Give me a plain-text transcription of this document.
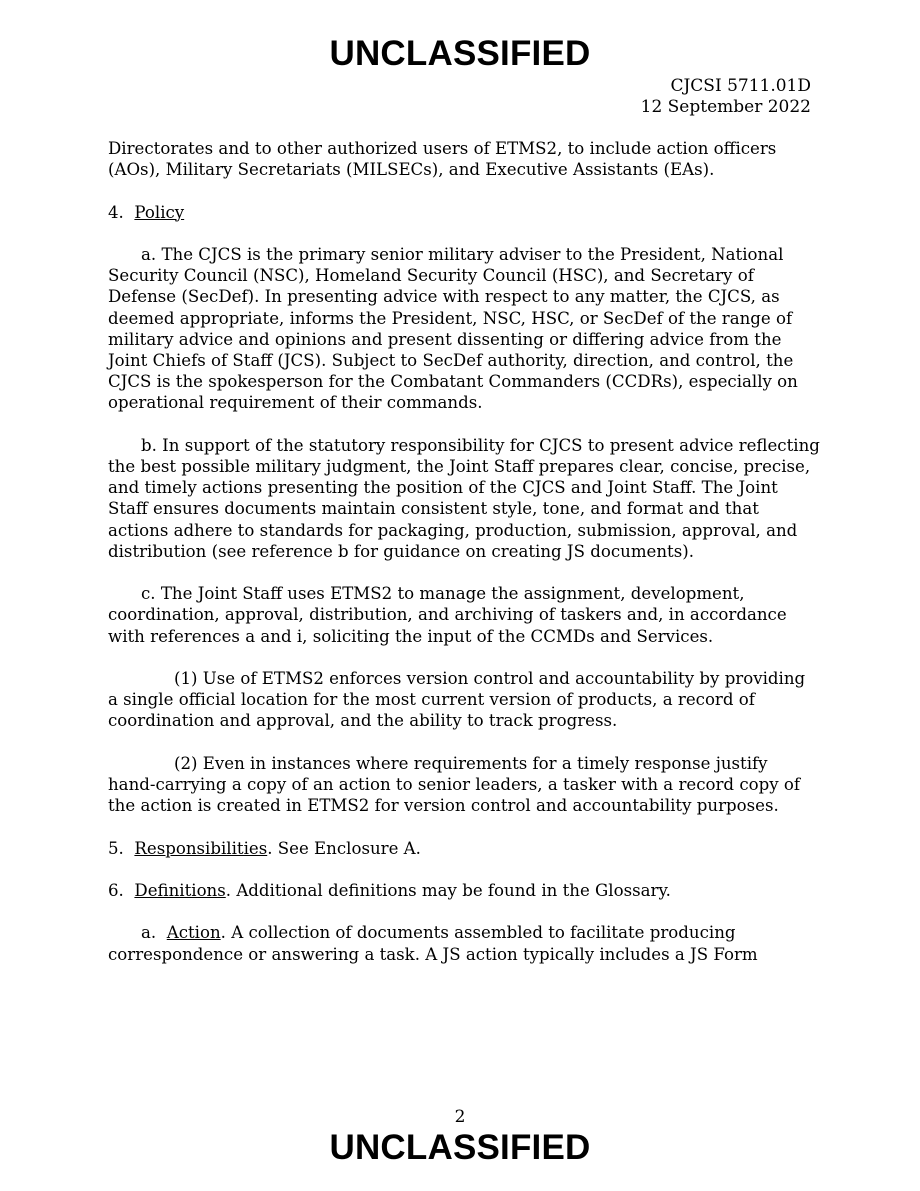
UNCLASSIFIED
CJCSI 5711.01D
12 September 2022

Directorates and to other authorized users of ETMS2, to include action officers (AOs), Military Secretariats (MILSECs), and Executive Assistants (EAs).

4. Policy

a. The CJCS is the primary senior military adviser to the President, National Security Council (NSC), Homeland Security Council (HSC), and Secretary of Defense (SecDef). In presenting advice with respect to any matter, the CJCS, as deemed appropriate, informs the President, NSC, HSC, or SecDef of the range of military advice and opinions and present dissenting or differing advice from the Joint Chiefs of Staff (JCS). Subject to SecDef authority, direction, and control, the CJCS is the spokesperson for the Combatant Commanders (CCDRs), especially on operational requirement of their commands.

b. In support of the statutory responsibility for CJCS to present advice reflecting the best possible military judgment, the Joint Staff prepares clear, concise, precise, and timely actions presenting the position of the CJCS and Joint Staff. The Joint Staff ensures documents maintain consistent style, tone, and format and that actions adhere to standards for packaging, production, submission, approval, and distribution (see reference b for guidance on creating JS documents).

c. The Joint Staff uses ETMS2 to manage the assignment, development, coordination, approval, distribution, and archiving of taskers and, in accordance with references a and i, soliciting the input of the CCMDs and Services.

(1) Use of ETMS2 enforces version control and accountability by providing a single official location for the most current version of products, a record of coordination and approval, and the ability to track progress.

(2) Even in instances where requirements for a timely response justify hand-carrying a copy of an action to senior leaders, a tasker with a record copy of the action is created in ETMS2 for version control and accountability purposes.

5. Responsibilities. See Enclosure A.

6. Definitions. Additional definitions may be found in the Glossary.

a. Action. A collection of documents assembled to facilitate producing correspondence or answering a task. A JS action typically includes a JS Form

2
UNCLASSIFIED
